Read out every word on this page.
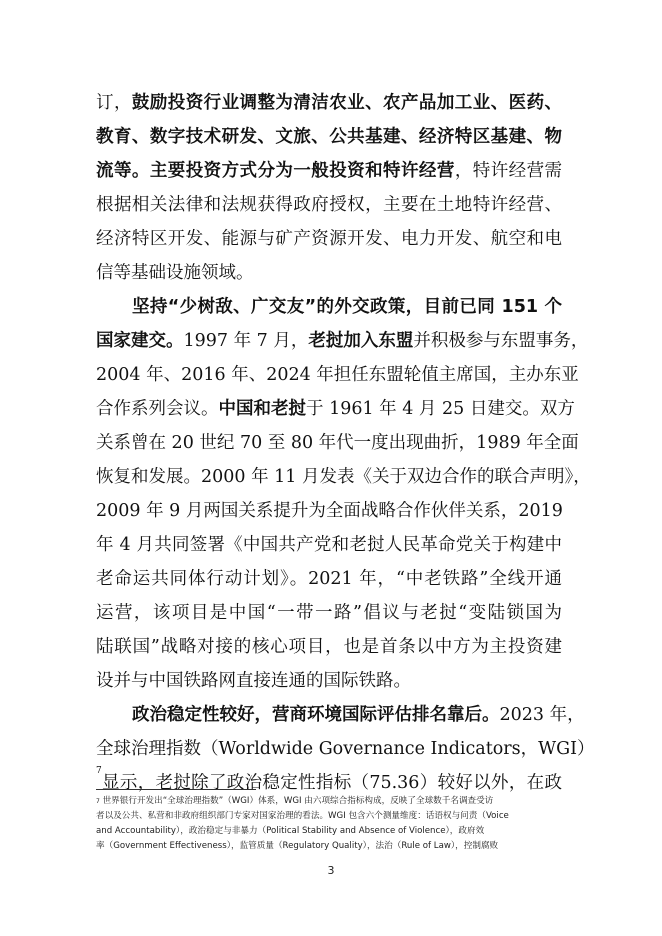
订，鼓励投资行业调整为清洁农业、农产品加工业、医药、
教育、数字技术研发、文旅、公共基建、经济特区基建、物
流等。主要投资方式分为一般投资和特许经营，特许经营需
根据相关法律和法规获得政府授权，主要在土地特许经营、
经济特区开发、能源与矿产资源开发、电力开发、航空和电
信等基础设施领域。
坚持“少树敌、广交友”的外交政策，目前已同 151 个
国家建交。1997 年 7 月，老挝加入东盟并积极参与东盟事务，
2004 年、2016 年、2024 年担任东盟轮值主席国，主办东亚
合作系列会议。中国和老挝于 1961 年 4 月 25 日建交。双方
关系曾在 20 世纪 70 至 80 年代一度出现曲折，1989 年全面
恢复和发展。2000 年 11 月发表《关于双边合作的联合声明》，
2009 年 9 月两国关系提升为全面战略合作伙伴关系，2019
年 4 月共同签署《中国共产党和老挝人民革命党关于构建中
老命运共同体行动计划》。2021 年，“中老铁路”全线开通
运营，该项目是中国“一带一路”倡议与老挝“变陆锁国为
陆联国”战略对接的核心项目，也是首条以中方为主投资建
设并与中国铁路网直接连通的国际铁路。
政治稳定性较好，营商环境国际评估排名靠后。2023 年，
全球治理指数（Worldwide Governance Indicators，WGI）
$^7$显示，老挝除了政治稳定性指标（75.36）较好以外，在政
$^7$ 世界银行开发出“全球治理指数”（WGI）体系，WGI 由六项综合指标构成，反映了全球数千名调查受访
者以及公共、私营和非政府组织部门专家对国家治理的看法。WGI 包含六个测量维度：话语权与问责（Voice
and Accountability），政治稳定与非暴力（Political Stability and Absence of Violence），政府效
率（Government Effectiveness），监管质量（Regulatory Quality），法治（Rule of Law），控制腐败
3
